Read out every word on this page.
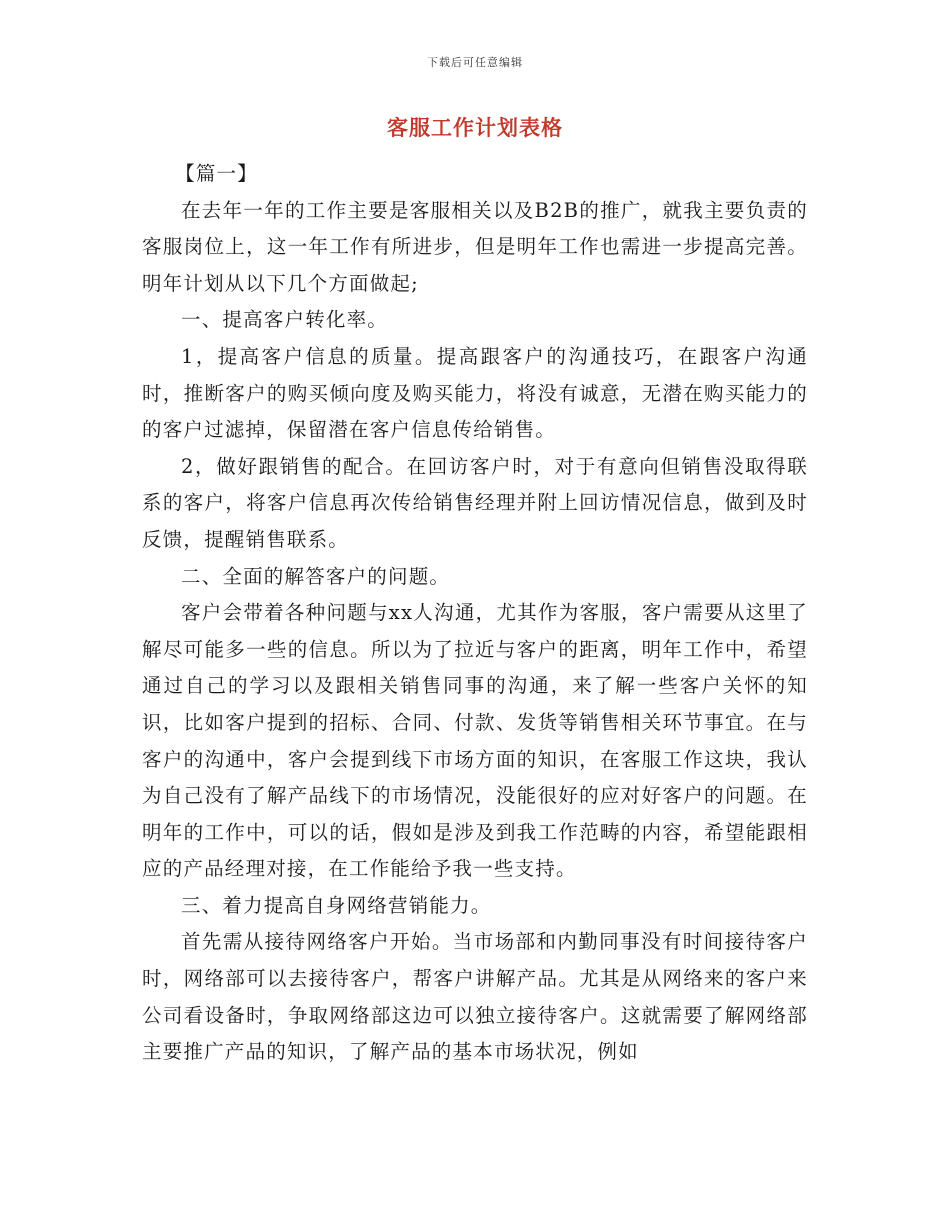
下载后可任意编辑
客服工作计划表格

【篇一】

在去年一年的工作主要是客服相关以及B2B的推广，就我主要负责的客服岗位上，这一年工作有所进步，但是明年工作也需进一步提高完善。明年计划从以下几个方面做起;

一、提高客户转化率。

1，提高客户信息的质量。提高跟客户的沟通技巧，在跟客户沟通时，推断客户的购买倾向度及购买能力，将没有诚意，无潜在购买能力的的客户过滤掉，保留潜在客户信息传给销售。

2，做好跟销售的配合。在回访客户时，对于有意向但销售没取得联系的客户，将客户信息再次传给销售经理并附上回访情况信息，做到及时反馈，提醒销售联系。

二、全面的解答客户的问题。

客户会带着各种问题与xx人沟通，尤其作为客服，客户需要从这里了解尽可能多一些的信息。所以为了拉近与客户的距离，明年工作中，希望通过自己的学习以及跟相关销售同事的沟通，来了解一些客户关怀的知识，比如客户提到的招标、合同、付款、发货等销售相关环节事宜。在与客户的沟通中，客户会提到线下市场方面的知识，在客服工作这块，我认为自己没有了解产品线下的市场情况，没能很好的应对好客户的问题。在明年的工作中，可以的话，假如是涉及到我工作范畴的内容，希望能跟相应的产品经理对接，在工作能给予我一些支持。

三、着力提高自身网络营销能力。

首先需从接待网络客户开始。当市场部和内勤同事没有时间接待客户时，网络部可以去接待客户，帮客户讲解产品。尤其是从网络来的客户来公司看设备时，争取网络部这边可以独立接待客户。这就需要了解网络部主要推广产品的知识，了解产品的基本市场状况，例如
